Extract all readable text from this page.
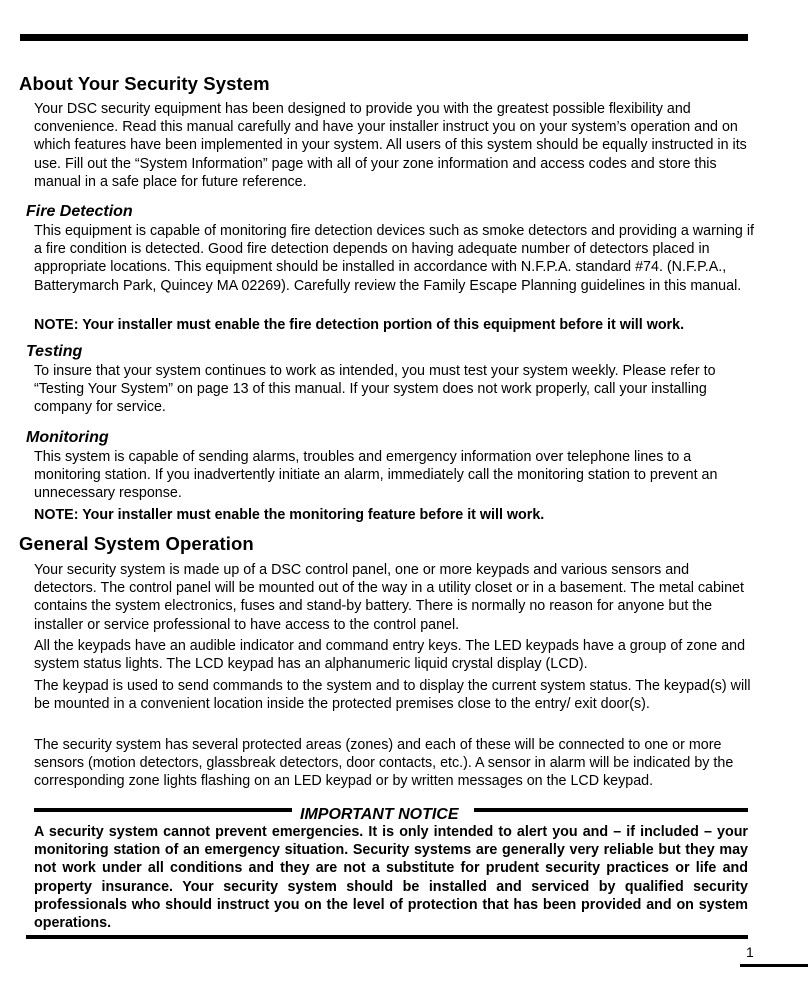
About Your Security System

Your DSC security equipment has been designed to provide you with the greatest possible flexibility and convenience. Read this manual carefully and have your installer instruct you on your system’s operation and on which features have been implemented in your system. All users of this system should be equally instructed in its use. Fill out the “System Information” page with all of your zone information and access codes and store this manual in a safe place for future reference.

Fire Detection

This equipment is capable of monitoring fire detection devices such as smoke detectors and providing a warning if a fire condition is detected. Good fire detection depends on having adequate number of detectors placed in appropriate locations. This equipment should be installed in accordance with N.F.P.A. standard #74. (N.F.P.A., Batterymarch Park, Quincey MA 02269). Carefully review the Family Escape Planning guidelines in this manual.

NOTE: Your installer must enable the fire detection portion of this equipment before it will work.

Testing

To insure that your system continues to work as intended, you must test your system weekly. Please refer to “Testing Your System” on page 13 of this manual. If your system does not work properly, call your installing company for service.

Monitoring

This system is capable of sending alarms, troubles and emergency information over telephone lines to a monitoring station. If you inadvertently initiate an alarm, immediately call the monitoring station to prevent an unnecessary response.

NOTE: Your installer must enable the monitoring feature before it will work.

General System Operation

Your security system is made up of a DSC control panel, one or more keypads and various sensors and detectors. The control panel will be mounted out of the way in a utility closet or in a basement. The metal cabinet contains the system electronics, fuses and stand-by battery. There is normally no reason for anyone but the installer or service professional to have access to the control panel.

All the keypads have an audible indicator and command entry keys. The LED keypads have a group of zone and system status lights. The LCD keypad has an alphanumeric liquid crystal display (LCD).

The keypad is used to send commands to the system and to display the current system status. The keypad(s) will be mounted in a convenient location inside the protected premises close to the entry/ exit door(s).

The security system has several protected areas (zones) and each of these will be connected to one or more sensors (motion detectors, glassbreak detectors, door contacts, etc.). A sensor in alarm will be indicated by the corresponding zone lights flashing on an LED keypad or by written messages on the LCD keypad.

IMPORTANT NOTICE

A security system cannot prevent emergencies. It is only intended to alert you and – if included – your monitoring station of an emergency situation. Security systems are generally very reliable but they may not work under all conditions and they are not a substitute for prudent security practices or life and property insurance. Your security system should be installed and serviced by qualified security professionals who should instruct you on the level of protection that has been provided and on system operations.

1
